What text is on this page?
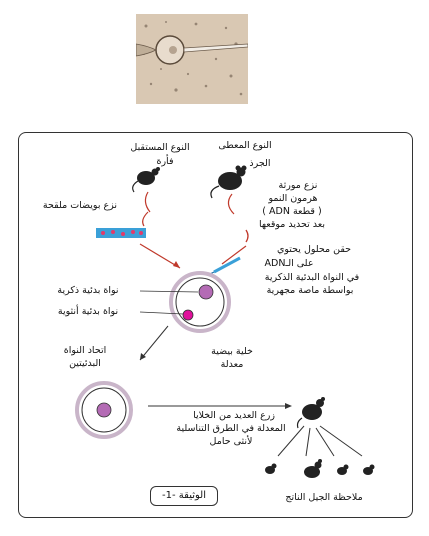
النوع المستقبل
فأرة
النوع المعطى
الجرذ
نزع مورثة
هرمون النمو
( قطعة ADN )
بعد تحديد موقعها
نزع بويضات ملقحة
حقن محلول يحتوي
على الـADN
في النواة البدئية الذكرية
بواسطة ماصة مجهرية
نواة بدئية ذكرية
نواة بدئية أنثوية
خلية بيضية
معدلة
اتحاد النواة
البدئيتين
زرع العديد من الخلايا
المعدلة في الطرق التناسلية
لأنثى حامل
ملاحظة الجيل الناتج
الوثيقة -1-
